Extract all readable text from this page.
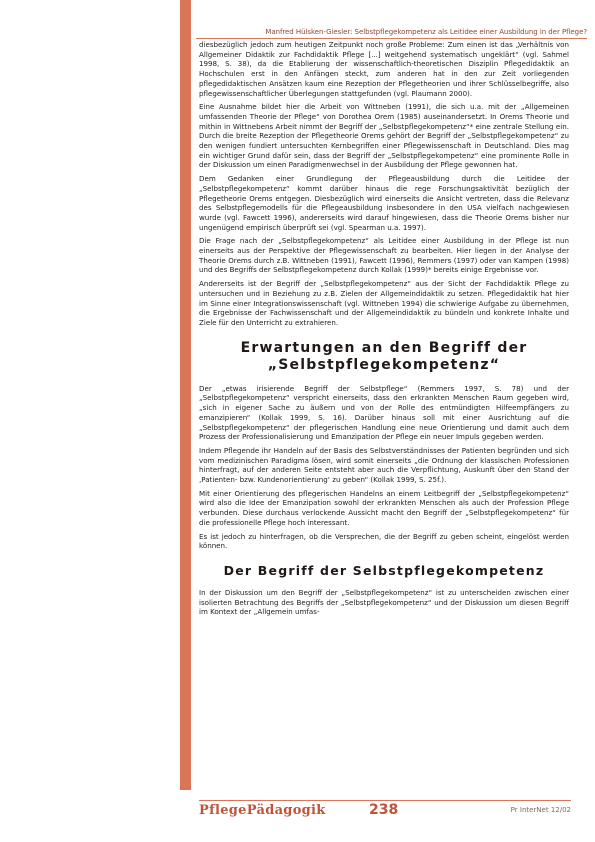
Manfred Hülsken-Giesler: Selbstpflegekompetenz als Leitidee einer Ausbildung in der Pflege?

diesbezüglich jedoch zum heutigen Zeitpunkt noch große Probleme: Zum einen ist das „Verhältnis von Allgemeiner Didaktik zur Fachdidaktik Pflege [...] weitgehend systematisch ungeklärt“ (vgl. Sahmel 1998, S. 38), da die Etablierung der wissenschaftlich-theoretischen Disziplin Pflegedidaktik an Hochschulen erst in den Anfängen steckt, zum anderen hat in den zur Zeit vorliegenden pflegedidaktischen Ansätzen kaum eine Rezeption der Pflegetheorien und ihrer Schlüsselbegriffe, also pflegewissenschaftlicher Überlegungen stattgefunden (vgl. Plaumann 2000).

Eine Ausnahme bildet hier die Arbeit von Wittneben (1991), die sich u.a. mit der „Allgemeinen umfassenden Theorie der Pflege“ von Dorothea Orem (1985) auseinandersetzt. In Orems Theorie und mithin in Wittnebens Arbeit nimmt der Begriff der „Selbstpflegekompetenz“* eine zentrale Stellung ein. Durch die breite Rezeption der Pflegetheorie Orems gehört der Begriff der „Selbstpflegekompetenz“ zu den wenigen fundiert untersuchten Kernbegriffen einer Pflegewissenschaft in Deutschland. Dies mag ein wichtiger Grund dafür sein, dass der Begriff der „Selbstpflegekompetenz“ eine prominente Rolle in der Diskussion um einen Paradigmenwechsel in der Ausbildung der Pflege gewonnen hat.

Dem Gedanken einer Grundlegung der Pflegeausbildung durch die Leitidee der „Selbstpflegekompetenz“ kommt darüber hinaus die rege Forschungsaktivität bezüglich der Pflegetheorie Orems entgegen. Diesbezüglich wird einerseits die Ansicht vertreten, dass die Relevanz des Selbstpflegemodells für die Pflegeausbildung insbesondere in den USA vielfach nachgewiesen wurde (vgl. Fawcett 1996), andererseits wird darauf hingewiesen, dass die Theorie Orems bisher nur ungenügend empirisch überprüft sei (vgl. Spearman u.a. 1997).

Die Frage nach der „Selbstpflegekompetenz“ als Leitidee einer Ausbildung in der Pflege ist nun einerseits aus der Perspektive der Pflegewissenschaft zu bearbeiten. Hier liegen in der Analyse der Theorie Orems durch z.B. Wittneben (1991), Fawcett (1996), Remmers (1997) oder van Kampen (1998) und des Begriffs der Selbstpflegekompetenz durch Kollak (1999)* bereits einige Ergebnisse vor.

Andererseits ist der Begriff der „Selbstpflegekompetenz“ aus der Sicht der Fachdidaktik Pflege zu untersuchen und in Beziehung zu z.B. Zielen der Allgemeindidaktik zu setzen. Pflegedidaktik hat hier im Sinne einer Integrationswissenschaft (vgl. Wittneben 1994) die schwierige Aufgabe zu übernehmen, die Ergebnisse der Fachwissenschaft und der Allgemeindidaktik zu bündeln und konkrete Inhalte und Ziele für den Unterricht zu extrahieren.

Erwartungen an den Begriff der
„Selbstpflegekompetenz“

Der „etwas irisierende Begriff der Selbstpflege“ (Remmers 1997, S. 78) und der „Selbstpflegekompetenz“ verspricht einerseits, dass den erkrankten Menschen Raum gegeben wird, „sich in eigener Sache zu äußern und von der Rolle des entmündigten Hilfeempfängers zu emanzipieren“ (Kollak 1999, S. 16). Darüber hinaus soll mit einer Ausrichtung auf die „Selbstpflegekompetenz“ der pflegerischen Handlung eine neue Orientierung und damit auch dem Prozess der Professionalisierung und Emanzipation der Pflege ein neuer Impuls gegeben werden.

Indem Pflegende ihr Handeln auf der Basis des Selbstverständnisses der Patienten begründen und sich vom medizinischen Paradigma lösen, wird somit einerseits „die Ordnung der klassischen Professionen hinterfragt, auf der anderen Seite entsteht aber auch die Verpflichtung, Auskunft über den Stand der ‚Patienten- bzw. Kundenorientierung‘ zu geben“ (Kollak 1999, S. 25f.).

Mit einer Orientierung des pflegerischen Handelns an einem Leitbegriff der „Selbstpflegekompetenz“ wird also die Idee der Emanzipation sowohl der erkrankten Menschen als auch der Profession Pflege verbunden. Diese durchaus verlockende Aussicht macht den Begriff der „Selbstpflegekompetenz“ für die professionelle Pflege hoch interessant.

Es ist jedoch zu hinterfragen, ob die Versprechen, die der Begriff zu geben scheint, eingelöst werden können.

Der Begriff der Selbstpflegekompetenz

In der Diskussion um den Begriff der „Selbstpflegekompetenz“ ist zu unterscheiden zwischen einer isolierten Betrachtung des Begriffs der „Selbstpflegekompetenz“ und der Diskussion um diesen Begriff im Kontext der „Allgemein umfas-

PflegePädagogik	238	Pr InterNet 12/02
